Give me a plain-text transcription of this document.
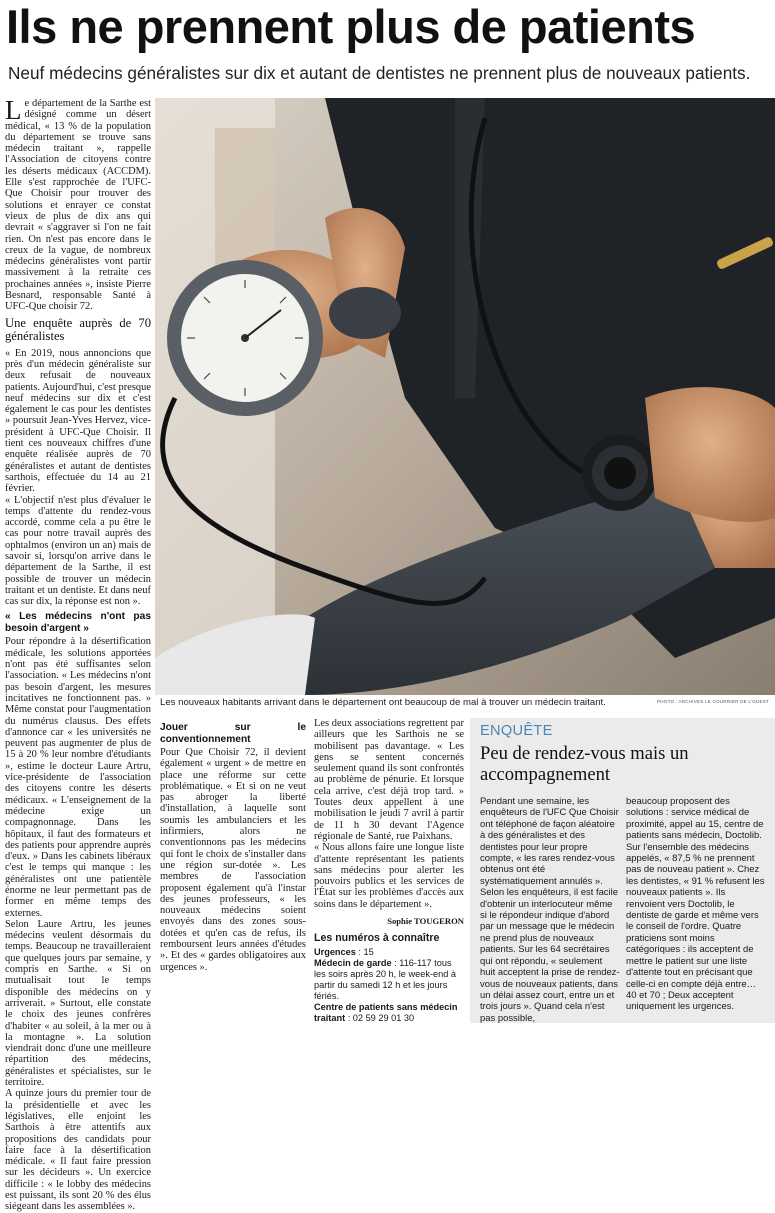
Ils ne prennent plus de patients
Neuf médecins généralistes sur dix et autant de dentistes ne prennent plus de nouveaux patients.
Les nouveaux habitants arrivant dans le département ont beaucoup de mal à trouver un médecin traitant.	PHOTO : ARCHIVES LE COURRIER DE L'OUEST

Le département de la Sarthe est désigné comme un désert médical, « 13 % de la population du département se trouve sans médecin traitant », rappelle l'Association de citoyens contre les déserts médicaux (ACCDM). Elle s'est rapprochée de l'UFC-Que Choisir pour trouver des solutions et enrayer ce constat vieux de plus de dix ans qui devrait « s'aggraver si l'on ne fait rien. On n'est pas encore dans le creux de la vague, de nombreux médecins généralistes vont partir massivement à la retraite ces prochaines années », insiste Pierre Besnard, responsable Santé à UFC-Que choisir 72.

Une enquête auprès de 70 généralistes

« En 2019, nous annoncions que près d'un médecin généraliste sur deux refusait de nouveaux patients. Aujourd'hui, c'est presque neuf médecins sur dix et c'est également le cas pour les dentistes » poursuit Jean-Yves Hervez, vice-président à UFC-Que Choisir. Il tient ces nouveaux chiffres d'une enquête réalisée auprès de 70 généralistes et autant de dentistes sarthois, effectuée du 14 au 21 février.

« L'objectif n'est plus d'évaluer le temps d'attente du rendez-vous accordé, comme cela a pu être le cas pour notre travail auprès des ophtalmos (environ un an) mais de savoir si, lorsqu'on arrive dans le département de la Sarthe, il est possible de trouver un médecin traitant et un dentiste. Et dans neuf cas sur dix, la réponse est non ».

« Les médecins n'ont pas besoin d'argent »

Pour répondre à la désertification médicale, les solutions apportées n'ont pas été suffisantes selon l'association. « Les médecins n'ont pas besoin d'argent, les mesures incitatives ne fonctionnent pas. » Même constat pour l'augmentation du numérus clausus. Des effets d'annonce car « les universités ne peuvent pas augmenter de plus de 15 à 20 % leur nombre d'étudiants », estime le docteur Laure Artru, vice-présidente de l'association des citoyens contre les déserts médicaux. « L'enseignement de la médecine exige un compagnonnage. Dans les hôpitaux, il faut des formateurs et des patients pour apprendre auprès d'eux. » Dans les cabinets libéraux c'est le temps qui manque : les généralistes ont une patientèle énorme ne leur permettant pas de former en même temps des externes.

Selon Laure Artru, les jeunes médecins veulent désormais du temps. Beaucoup ne travailleraient que quelques jours par semaine, y compris en Sarthe. « Si on mutualisait tout le temps disponible des médecins on y arriverait. » Surtout, elle constate le choix des jeunes confrères d'habiter « au soleil, à la mer ou à la montagne ». La solution viendrait donc d'une une meilleure répartition des médecins, généralistes et spécialistes, sur le territoire.

A quinze jours du premier tour de la présidentielle et avec les législatives, elle enjoint les Sarthois à être attentifs aux propositions des candidats pour faire face à la désertification médicale. « Il faut faire pression sur les décideurs ». Un exercice difficile : « le lobby des médecins est puissant, ils sont 20 % des élus siégeant dans les assemblées ».

Jouer sur le conventionnement

Pour Que Choisir 72, il devient également « urgent » de mettre en place une réforme sur cette problématique. « Et si on ne veut pas abroger la liberté d'installation, à laquelle sont soumis les ambulanciers et les infirmiers, alors ne conventionnons pas les médecins qui font le choix de s'installer dans une région sur-dotée ». Les membres de l'association proposent également qu'à l'instar des jeunes professeurs, « les nouveaux médecins soient envoyés dans des zones sous-dotées et qu'en cas de refus, ils remboursent leurs années d'études ». Et des « gardes obligatoires aux urgences ».

Les deux associations regrettent par ailleurs que les Sarthois ne se mobilisent pas davantage. « Les gens se sentent concernés seulement quand ils sont confrontés au problème de pénurie. Et lorsque cela arrive, c'est déjà trop tard. » Toutes deux appellent à une mobilisation le jeudi 7 avril à partir de 11 h 30 devant l'Agence régionale de Santé, rue Paixhans.

« Nous allons faire une longue liste d'attente représentant les patients sans médecins pour alerter les pouvoirs publics et les services de l'État sur les problèmes d'accès aux soins dans le département ».

Sophie TOUGERON
Les numéros à connaître

Urgences : 15

Médecin de garde : 116-117 tous les soirs après 20 h, le week-end à partir du samedi 12 h et les jours fériés.

Centre de patients sans médecin traitant : 02 59 29 01 30

ENQUÊTE
Peu de rendez-vous mais un accompagnement
Pendant une semaine, les enquêteurs de l'UFC Que Choisir ont téléphoné de façon aléatoire à des généralistes et des dentistes pour leur propre compte, « les rares rendez-vous obtenus ont été systématiquement annulés ». Selon les enquêteurs, il est facile d'obtenir un interlocuteur même si le répondeur indique d'abord par un message que le médecin ne prend plus de nouveaux patients. Sur les 64 secrétaires qui ont répondu, « seulement huit acceptent la prise de rendez-vous de nouveaux patients, dans un délai assez court, entre un et trois jours ». Quand cela n'est pas possible,
beaucoup proposent des solutions : service médical de proximité, appel au 15, centre de patients sans médecin, Doctolib. Sur l'ensemble des médecins appelés, « 87,5 % ne prennent pas de nouveau patient ». Chez les dentistes, « 91 % refusent les nouveaux patients ». Ils renvoient vers Doctolib, le dentiste de garde et même vers le conseil de l'ordre. Quatre praticiens sont moins catégoriques : ils acceptent de mettre le patient sur une liste d'attente tout en précisant que celle-ci en compte déjà entre… 40 et 70 ; Deux acceptent uniquement les urgences.
